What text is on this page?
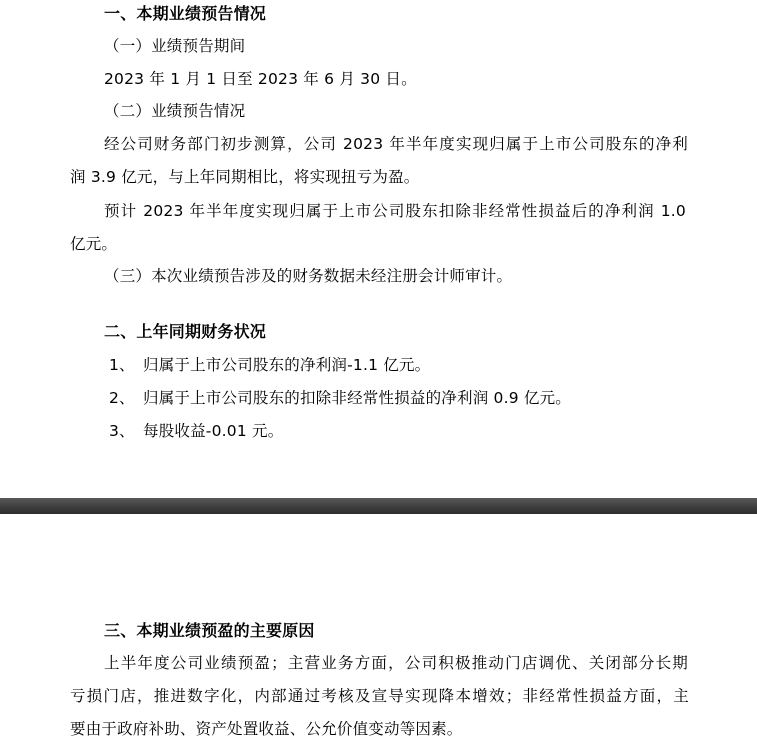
一、本期业绩预告情况
（一）业绩预告期间
2023 年 1 月 1 日至 2023 年 6 月 30 日。
（二）业绩预告情况
经公司财务部门初步测算，公司 2023 年半年度实现归属于上市公司股东的净利
润 3.9 亿元，与上年同期相比，将实现扭亏为盈。
预计 2023 年半年度实现归属于上市公司股东扣除非经常性损益后的净利润 1.0
亿元。
（三）本次业绩预告涉及的财务数据未经注册会计师审计。
二、上年同期财务状况
1、 归属于上市公司股东的净利润-1.1 亿元。
2、 归属于上市公司股东的扣除非经常性损益的净利润 0.9 亿元。
3、 每股收益-0.01 元。
三、本期业绩预盈的主要原因
上半年度公司业绩预盈；主营业务方面，公司积极推动门店调优、关闭部分长期
亏损门店，推进数字化，内部通过考核及宣导实现降本增效；非经常性损益方面，主
要由于政府补助、资产处置收益、公允价值变动等因素。
